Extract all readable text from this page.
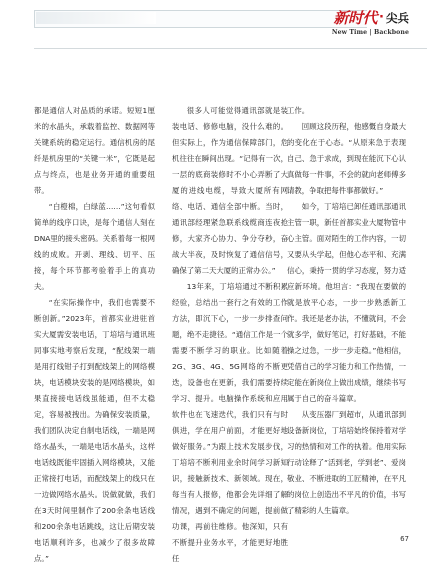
新时代 · 尖兵
New Time | Backbone

都是通信人对品质的承诺。短短1厘米的水晶头，承载着监控、数据网等关键系统的稳定运行。通信机房的尾纤是机房里的“关键一米”，它既是起点与终点，也是业务开通的重要纽带。

“白橙棉，白绿蓝……”这句看似简单的线序口诀，是每个通信人刻在DNA里的接头密码。关系着每一根网线的成败。开剥、理线、切平、压接，每个环节都考验着手上的真功夫。

“在实际操作中，我们也需要不断创新。”2023年，首都实业进驻首实大厦需安装电话，丁培培与通讯班同事实地考察后发现，“配线架一端是用打线钳子打到配线架上的网络模块，电话模块安装的是网络模块，如果直接接电话线虽能通，但不太稳定，容易被拽出。为确保安装质量，我们团队决定自制电话线，一端是网络水晶头，一端是电话水晶头，这样电话线既能牢固插入网络模块，又能正常接打电话，而配线架上的线只在一边做网络水晶头。说做就做，我们在3天时间里制作了200余条电话线和200余条电话跳线，这让后期安装电话顺利许多，也减少了很多故障点。”

很多人可能觉得通讯部就是装装电话、修修电脑，没什么难的。但实际上，作为通信保障部门，危机往往在瞬间出现。“记得有一次，一层的底商装修时不小心弄断了大厦的进线电缆，导致大厦所有网络、电话、通信全部中断。当时，通讯部经理紧急联系线缆商连夜抢修，大家齐心协力、争分夺秒，奋战大半夜，及时恢复了通信信号，确保了第二天大厦的正常办公。”

13年来，丁培培通过不断积累经验，总结出一套行之有效的工作方法，即沉下心，一步一步排查问题，绝不走捷径。“通信工作是一个需要不断学习的职业。比如随着2G、3G、4G、5G网络的不断更迭，设备也在更新，我们需要持续学习、提升。电脑操作系统和应用软件也在飞速迭代，我们只有与时俱进，学在用户前面，才能更好地做好服务。”为跟上技术发展步伐，丁培培不断利用业余时间学习新知识，接触新技术、新领域。现在，每当有人报修，他都会先详细了解情况，遇到不确定的问题，提前做功课，再前往维修。他深知，只有不断提升业务水平，才能更好地胜任

工作。

回顾这段历程，他感慨自身最大的变化在于心态。“从原来急于表现自己、急于求成，到现在能沉下心认真做每一件事，不会的就向老师傅多请教，争取把每件事都做好。”

如今，丁培培已卸任通讯部通讯主管一职，新任首都实业大厦物管中心主管。面对陌生的工作内容，一切又要从头学起，但他心态平和、充满信心，秉持一贯的学习态度，努力适应新环境。他坦言：“我现在要做的就是放平心态，一步一步熟悉新工作。我还是老办法，不懂就问，不会就多学，做好笔记，打好基础，不能操之过急，一步一步走稳。”他相信，凭借自己的学习能力和工作热情，一定能在新岗位上做出成绩，继续书写属于自己的奋斗篇章。

从变压器厂到超市，从通讯部到设备新岗位，丁培培始终保持着对学习的热情和对工作的执着。他用实际行动诠释了“活到老，学到老”、爱岗敬业、不断进取的工匠精神，在平凡的岗位上创造出不平凡的价值，书写了精彩的人生篇章。

67
